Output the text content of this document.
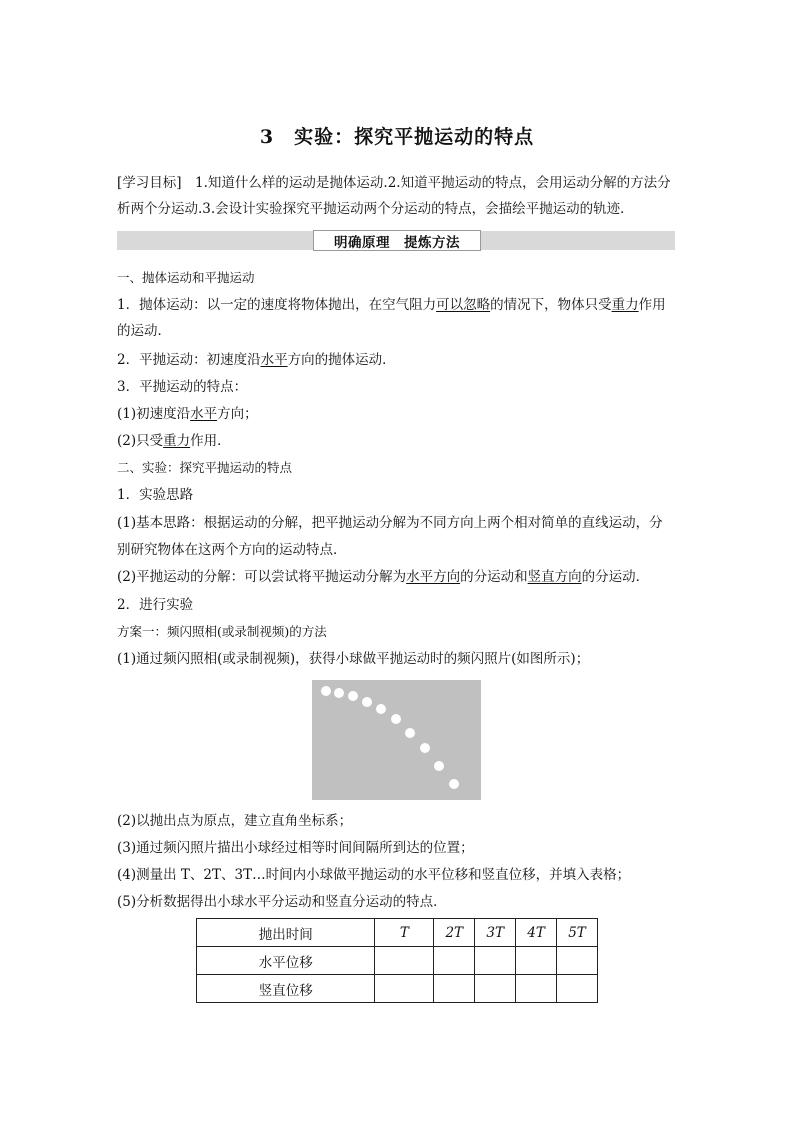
3　实验：探究平抛运动的特点
[学习目标]　1.知道什么样的运动是抛体运动.2.知道平抛运动的特点，会用运动分解的方法分
析两个分运动.3.会设计实验探究平抛运动两个分运动的特点，会描绘平抛运动的轨迹．
明确原理 提炼方法
一、抛体运动和平抛运动
1．抛体运动：以一定的速度将物体抛出，在空气阻力可以忽略的情况下，物体只受重力作用
的运动．
2．平抛运动：初速度沿水平方向的抛体运动．
3．平抛运动的特点：
(1)初速度沿水平方向；
(2)只受重力作用．
二、实验：探究平抛运动的特点
1．实验思路
(1)基本思路：根据运动的分解，把平抛运动分解为不同方向上两个相对简单的直线运动，分
别研究物体在这两个方向的运动特点．
(2)平抛运动的分解：可以尝试将平抛运动分解为水平方向的分运动和竖直方向的分运动．
2．进行实验
方案一：频闪照相(或录制视频)的方法
(1)通过频闪照相(或录制视频)，获得小球做平抛运动时的频闪照片(如图所示)；
(2)以抛出点为原点，建立直角坐标系；
(3)通过频闪照片描出小球经过相等时间间隔所到达的位置；
(4)测量出 T、2T、3T…时间内小球做平抛运动的水平位移和竖直位移，并填入表格；
(5)分析数据得出小球水平分运动和竖直分运动的特点．
抛出时间	T	2T	3T	4T	5T
水平位移					
竖直位移					
